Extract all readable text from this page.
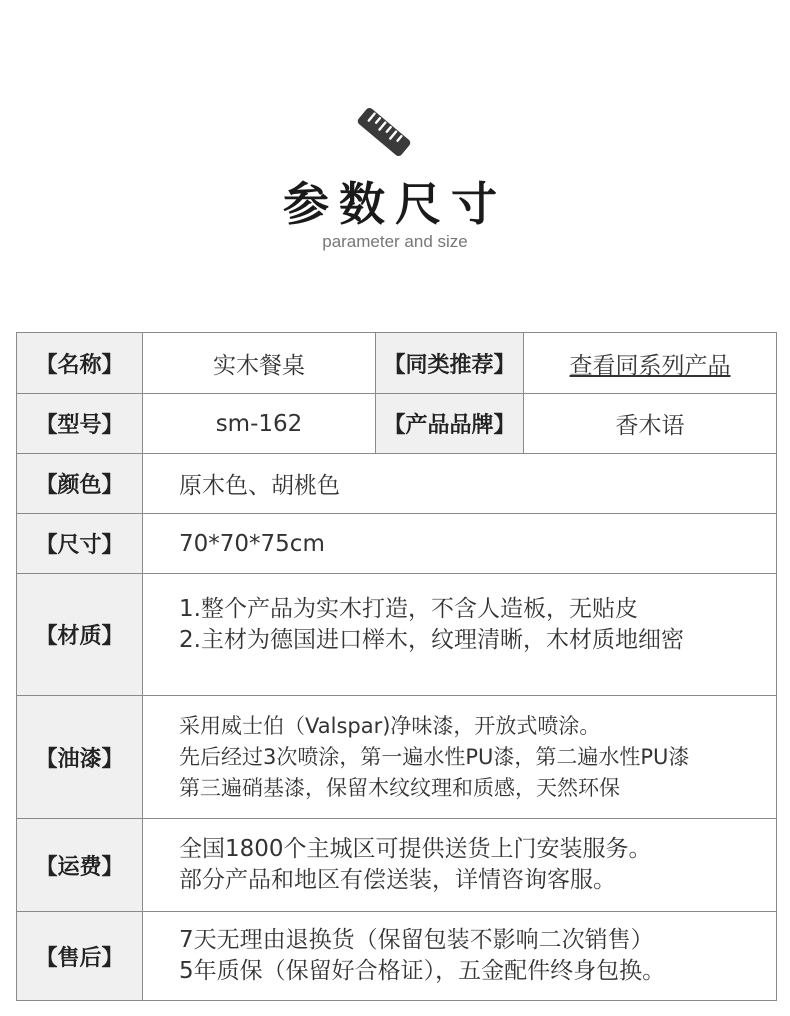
参数尺寸
parameter and size
【名称】	实木餐桌	【同类推荐】	查看同系列产品
【型号】	sm-162	【产品品牌】	香木语
【颜色】	原木色、胡桃色		
【尺寸】	70*70*75cm		
【材质】	1.整个产品为实木打造，不含人造板，无贴皮
2.主材为德国进口榉木，纹理清晰，木材质地细密		

【油漆】	采用威士伯（Valspar)净味漆，开放式喷涂。
先后经过3次喷涂，第一遍水性PU漆，第二遍水性PU漆
第三遍硝基漆，保留木纹纹理和质感，天然环保		

【运费】	全国1800个主城区可提供送货上门安装服务。
部分产品和地区有偿送装，详情咨询客服。		

【售后】	7天无理由退换货（保留包装不影响二次销售）
5年质保（保留好合格证），五金配件终身包换。		
